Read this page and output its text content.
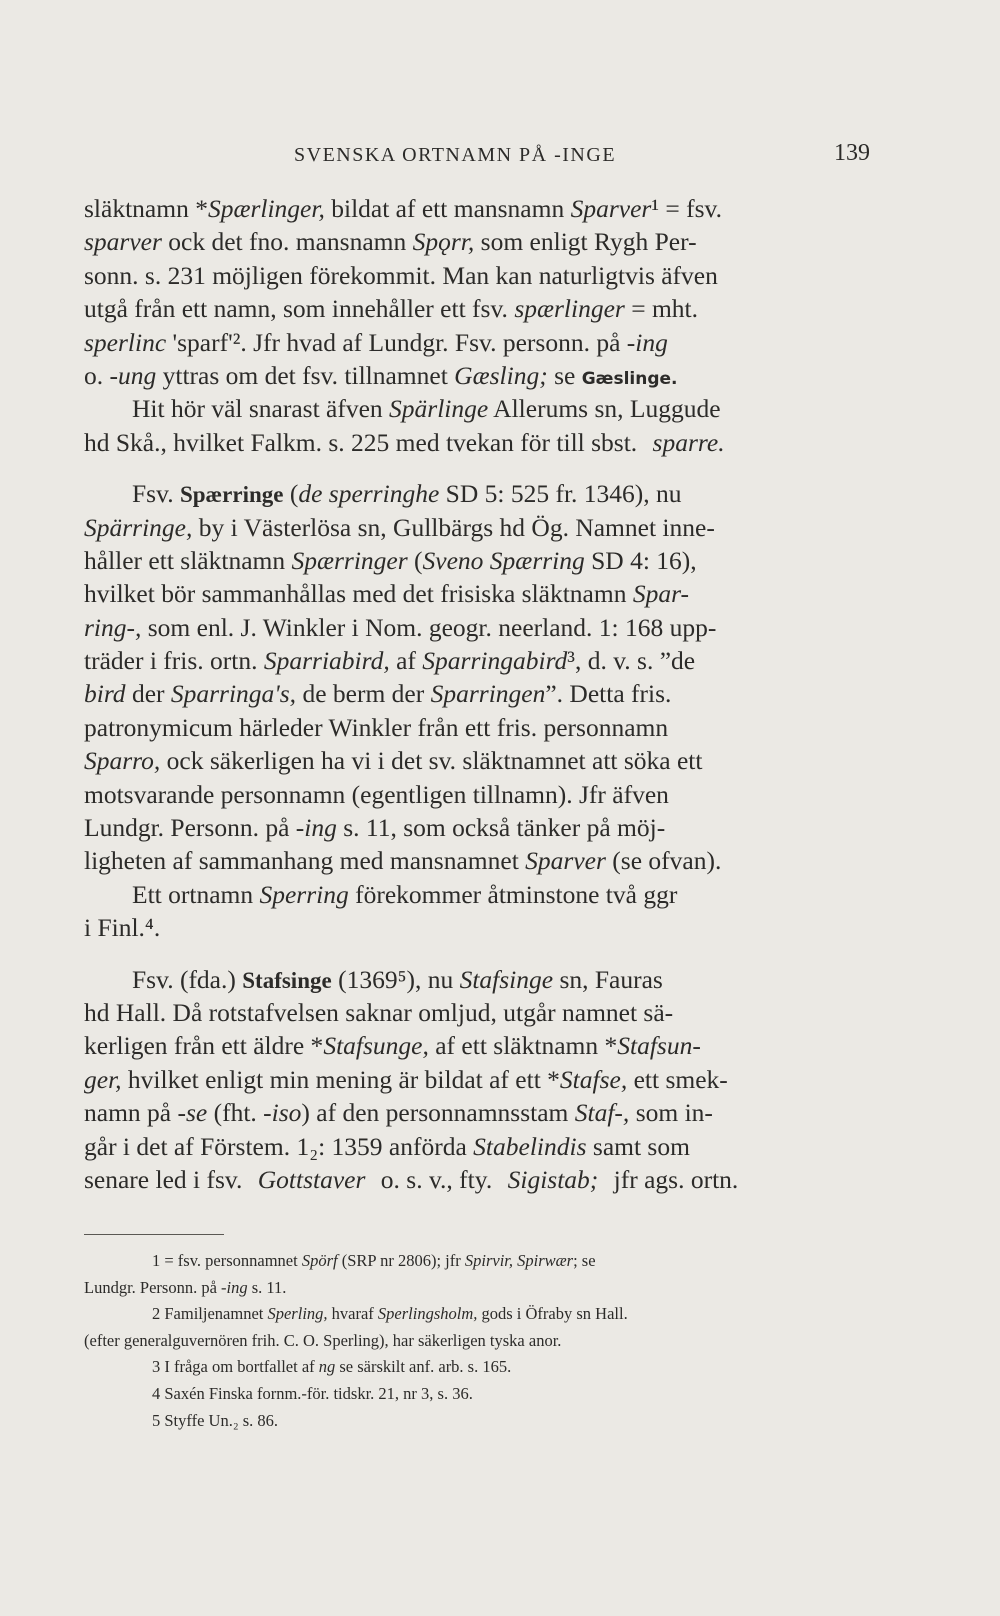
SVENSKA ORTNAMN PÅ -INGE	139
släktnamn *Spærlinger, bildat af ett mansnamn Sparver¹ = fsv.
sparver ock det fno. mansnamn Spǫrr, som enligt Rygh Per-
sonn. s. 231 möjligen förekommit. Man kan naturligtvis äfven
utgå från ett namn, som innehåller ett fsv. spærlinger = mht.
sperlinc 'sparf'². Jfr hvad af Lundgr. Fsv. personn. på -ing
o. -ung yttras om det fsv. tillnamnet Gæsling; se Gæslinge.
Hit hör väl snarast äfven Spärlinge Allerums sn, Luggude
hd Skå., hvilket Falkm. s. 225 med tvekan för till sbst. sparre.
Fsv. Spærringe (de sperringhe SD 5: 525 fr. 1346), nu
Spärringe, by i Västerlösa sn, Gullbärgs hd Ög. Namnet inne-
håller ett släktnamn Spærringer (Sveno Spærring SD 4: 16),
hvilket bör sammanhållas med det frisiska släktnamn Spar-
ring-, som enl. J. Winkler i Nom. geogr. neerland. 1: 168 upp-
träder i fris. ortn. Sparriabird, af Sparringabird³, d. v. s. ”de
bird der Sparringa's, de berm der Sparringen”. Detta fris.
patronymicum härleder Winkler från ett fris. personnamn
Sparro, ock säkerligen ha vi i det sv. släktnamnet att söka ett
motsvarande personnamn (egentligen tillnamn). Jfr äfven
Lundgr. Personn. på -ing s. 11, som också tänker på möj-
ligheten af sammanhang med mansnamnet Sparver (se ofvan).
Ett ortnamn Sperring förekommer åtminstone två ggr
i Finl.⁴.
Fsv. (fda.) Stafsinge (1369⁵), nu Stafsinge sn, Fauras
hd Hall. Då rotstafvelsen saknar omljud, utgår namnet sä-
kerligen från ett äldre *Stafsunge, af ett släktnamn *Stafsun-
ger, hvilket enligt min mening är bildat af ett *Stafse, ett smek-
namn på -se (fht. -iso) af den personnamnsstam Staf-, som in-
går i det af Förstem. 1₂: 1359 anförda Stabelindis samt som
senare led i fsv. Gottstaver o. s. v., fty. Sigistab; jfr ags. ortn.
1 = fsv. personnamnet Spörf (SRP nr 2806); jfr Spirvir, Spirwær; se
Lundgr. Personn. på -ing s. 11.
2 Familjenamnet Sperling, hvaraf Sperlingsholm, gods i Öfraby sn Hall.
(efter generalguvernören frih. C. O. Sperling), har säkerligen tyska anor.
3 I fråga om bortfallet af ng se särskilt anf. arb. s. 165.
4 Saxén Finska fornm.-för. tidskr. 21, nr 3, s. 36.
5 Styffe Un.₂ s. 86.
